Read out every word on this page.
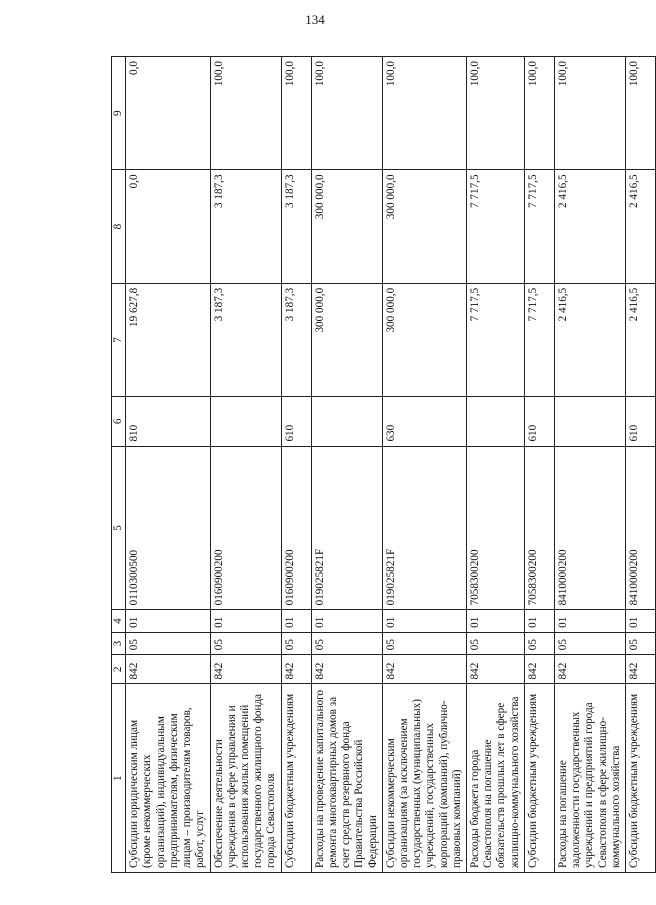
134
1	2	3	4	5	6	7	8	9
Субсидии юридическим лицам (кроме некоммерческих организаций), индивидуальным предпринимателям, физическим лицам – производителям товаров, работ, услуг	842	05	01	0110300500	810	19 627,8	0,0	0,0
Обеспечение деятельности учреждения в сфере управления и использования жилых помещений государственного жилищного фонда города Севастополя	842	05	01	0160900200		3 187,3	3 187,3	100,0
Субсидии бюджетным учреждениям	842	05	01	0160900200	610	3 187,3	3 187,3	100,0
Расходы на проведение капитального ремонта многоквартирных домов за счет средств резервного фонда Правительства Российской Федерации	842	05	01	019025821F		300 000,0	300 000,0	100,0
Субсидии некоммерческим организациям (за исключением государственных (муниципальных) учреждений, государственных корпораций (компаний), публично-правовых компаний)	842	05	01	019025821F	630	300 000,0	300 000,0	100,0
Расходы бюджета города Севастополя на погашение обязательств прошлых лет в сфере жилищно-коммунального хозяйства	842	05	01	7058300200		7 717,5	7 717,5	100,0
Субсидии бюджетным учреждениям	842	05	01	7058300200	610	7 717,5	7 717,5	100,0
Расходы на погашение задолженности государственных учреждений и предприятий города Севастополя в сфере жилищно-коммунального хозяйства	842	05	01	8410000200		2 416,5	2 416,5	100,0
Субсидии бюджетным учреждениям	842	05	01	8410000200	610	2 416,5	2 416,5	100,0
